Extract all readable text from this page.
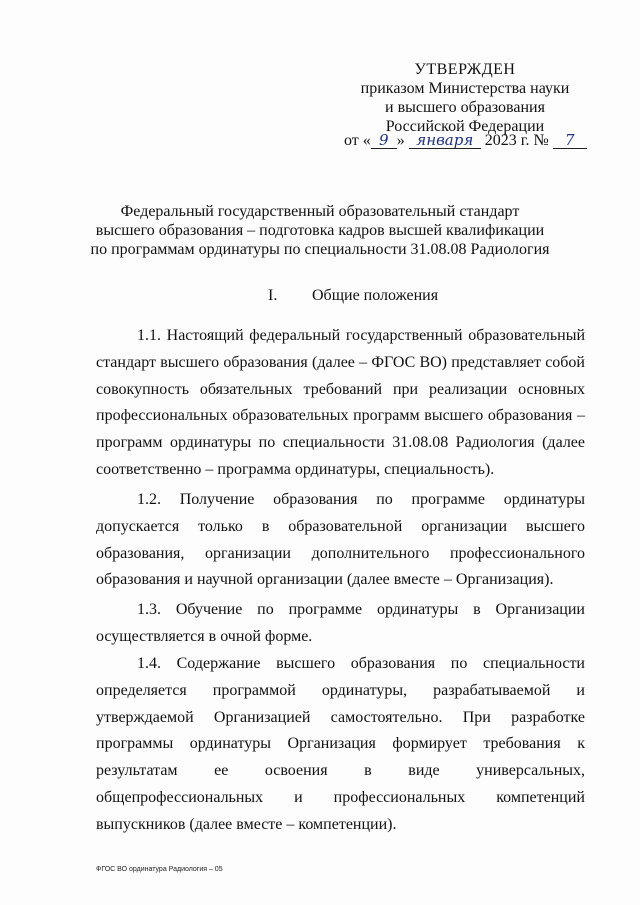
УТВЕРЖДЕН
приказом Министерства науки
и высшего образования
Российской Федерации
от « 9 » января 2023 г. № 7
Федеральный государственный образовательный стандарт
высшего образования – подготовка кадров высшей квалификации
по программам ординатуры по специальности 31.08.08 Радиология
I. Общие положения
1.1. Настоящий федеральный государственный образовательный стандарт высшего образования (далее – ФГОС ВО) представляет собой совокупность обязательных требований при реализации основных профессиональных образовательных программ высшего образования – программ ординатуры по специальности 31.08.08 Радиология (далее соответственно – программа ординатуры, специальность).
1.2. Получение образования по программе ординатуры допускается только в образовательной организации высшего образования, организации дополнительного профессионального образования и научной организации (далее вместе – Организация).
1.3. Обучение по программе ординатуры в Организации осуществляется в очной форме.
1.4. Содержание высшего образования по специальности определяется программой ординатуры, разрабатываемой и утверждаемой Организацией самостоятельно. При разработке программы ординатуры Организация формирует требования к результатам ее освоения в виде универсальных, общепрофессиональных и профессиональных компетенций выпускников (далее вместе – компетенции).
ФГОС ВО ординатура Радиология – 05
